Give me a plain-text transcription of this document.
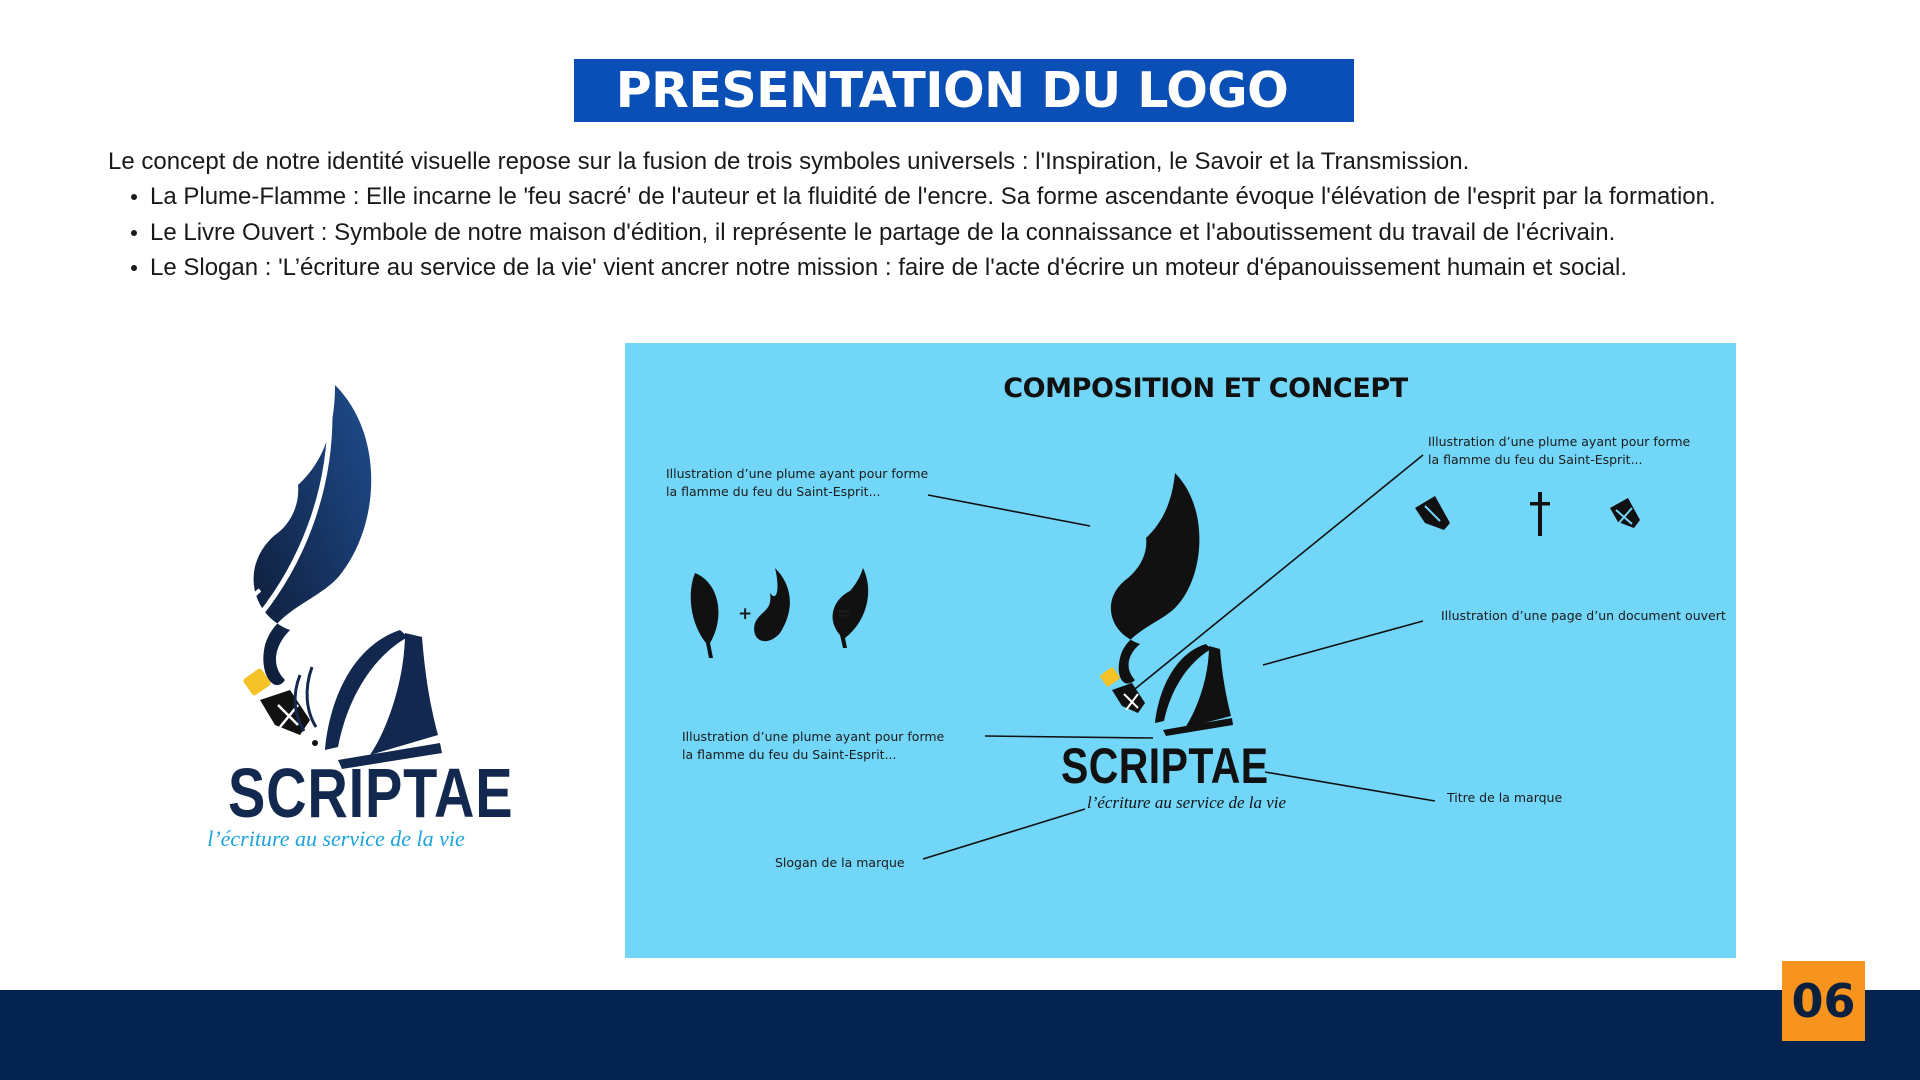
PRESENTATION DU LOGO
Le concept de notre identité visuelle repose sur la fusion de trois symboles universels : l'Inspiration, le Savoir et la Transmission.
La Plume-Flamme : Elle incarne le 'feu sacré' de l'auteur et la fluidité de l'encre. Sa forme ascendante évoque l'élévation de l'esprit par la formation.
Le Livre Ouvert : Symbole de notre maison d'édition, il représente le partage de la connaissance et l'aboutissement du travail de l'écrivain.
Le Slogan : 'L’écriture au service de la vie' vient ancrer notre mission : faire de l'acte d'écrire un moteur d'épanouissement humain et social.
SCRIPTAE
l’écriture au service de la vie
COMPOSITION ET CONCEPT
Illustration d’une plume ayant pour forme
la flamme du feu du Saint-Esprit...
Illustration d’une plume ayant pour forme
la flamme du feu du Saint-Esprit...
Illustration d’une page d’un document ouvert
Illustration d’une plume ayant pour forme
la flamme du feu du Saint-Esprit...
Titre de la marque
Slogan de la marque
+	=
SCRIPTAE
l’écriture au service de la vie
06
